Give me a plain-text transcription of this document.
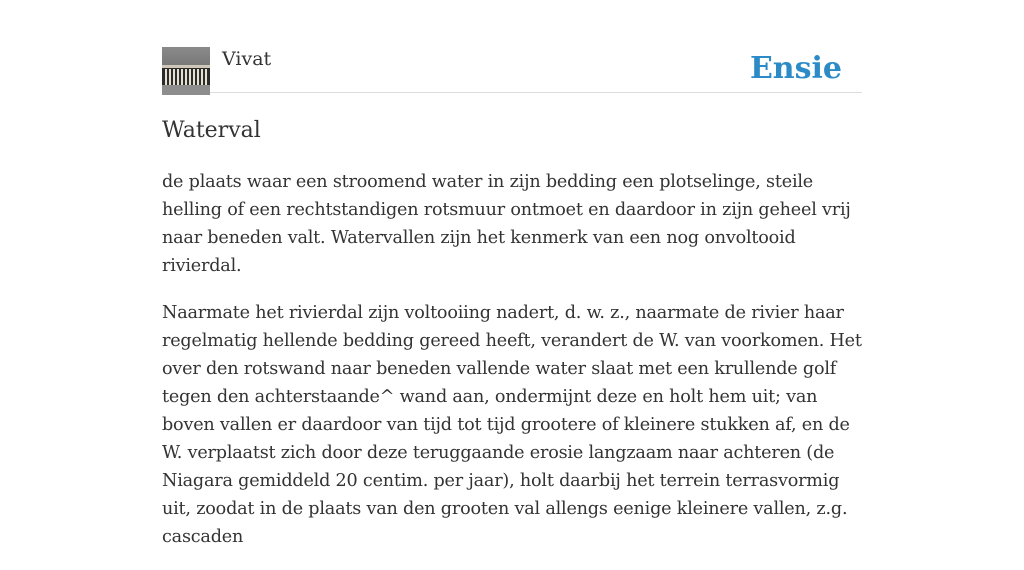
Vivat	Ensie
Waterval

de plaats waar een stroomend water in zijn bedding een plotselinge, steile helling of een rechtstandigen rotsmuur ontmoet en daardoor in zijn geheel vrij naar beneden valt. Watervallen zijn het kenmerk van een nog onvoltooid rivierdal.

Naarmate het rivierdal zijn voltooiing nadert, d. w. z., naarmate de rivier haar regelmatig hellende bedding gereed heeft, verandert de W. van voorkomen. Het over den rotswand naar beneden vallende water slaat met een krullende golf tegen den achterstaande^ wand aan, ondermijnt deze en holt hem uit; van boven vallen er daardoor van tijd tot tijd grootere of kleinere stukken af, en de W. verplaatst zich door deze teruggaande erosie langzaam naar achteren (de Niagara gemiddeld 20 centim. per jaar), holt daarbij het terrein terrasvormig uit, zoodat in de plaats van den grooten val allengs eenige kleinere vallen, z.g. cascaden
